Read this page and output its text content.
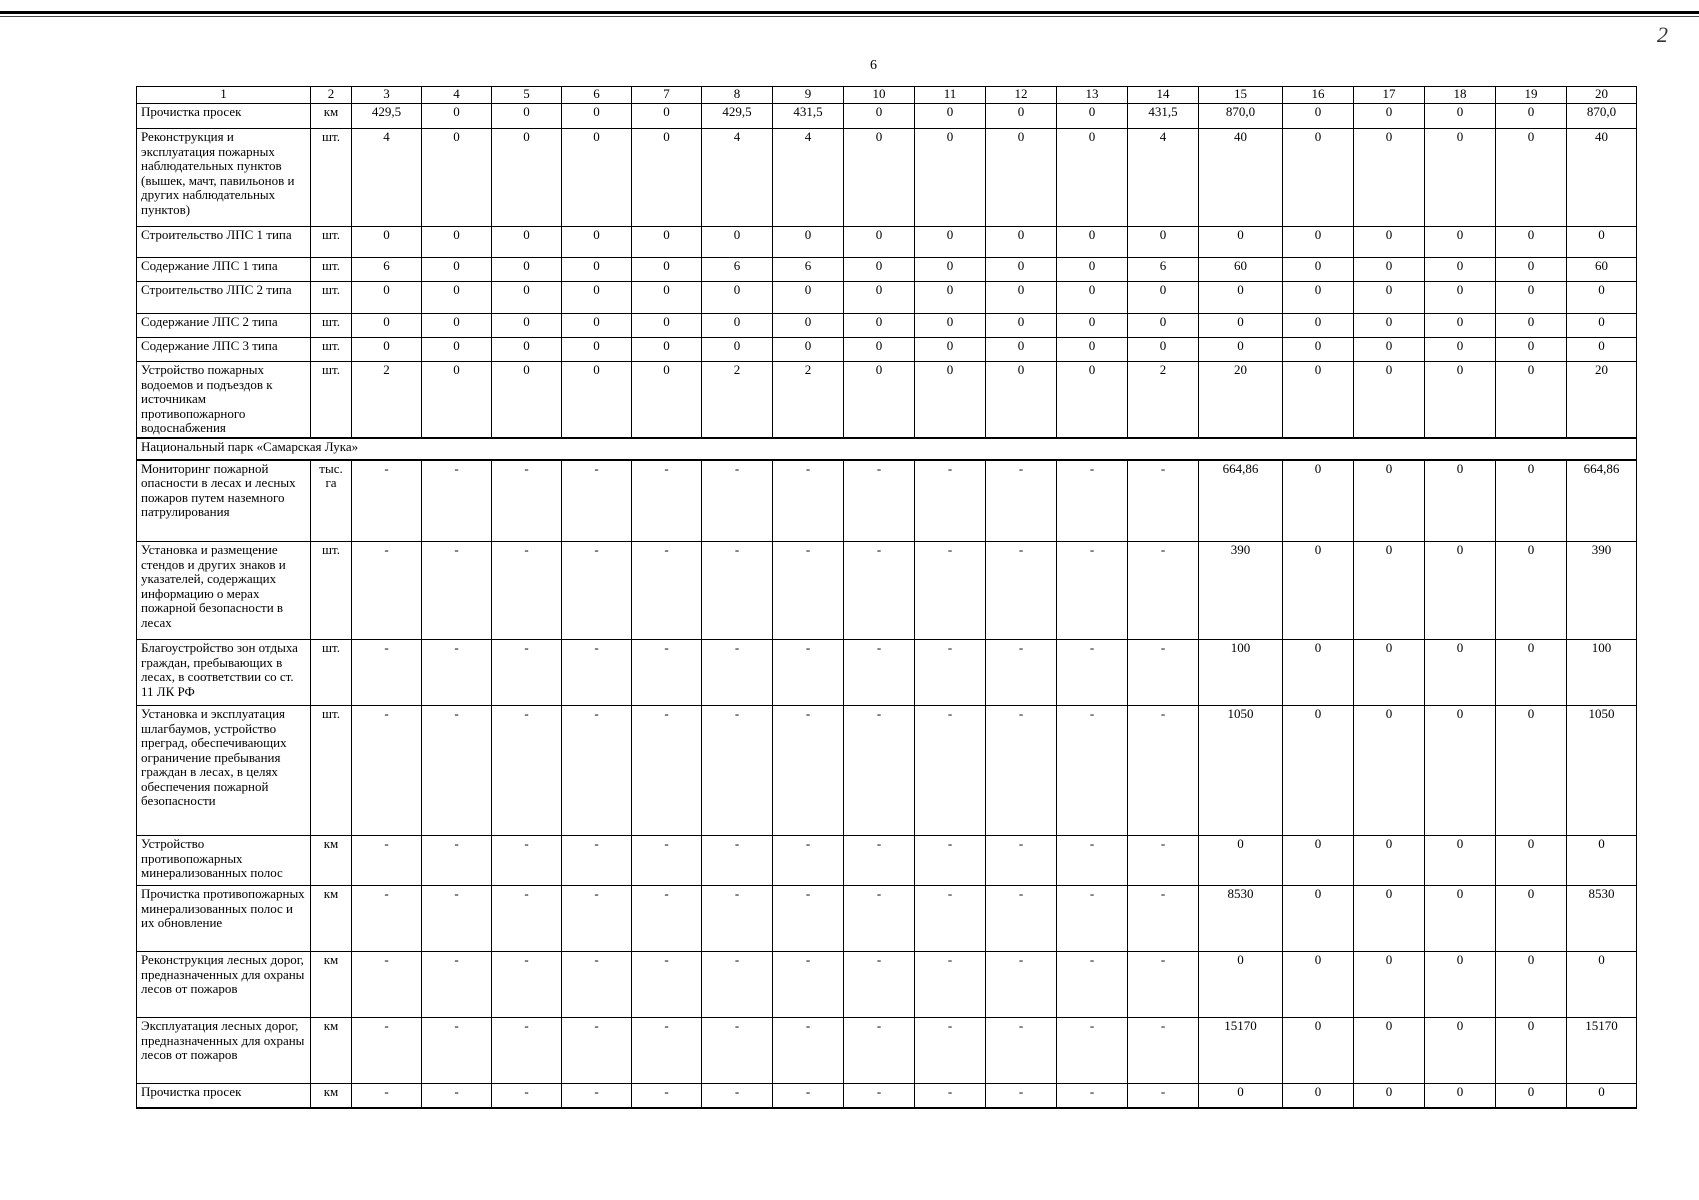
6
2
1	2	3	4	5	6	7	8	9	10	11	12	13	14	15	16	17	18	19	20
Прочистка просек	км	429,5	0	0	0	0	429,5	431,5	0	0	0	0	431,5	870,0	0	0	0	0	870,0
Реконструкция и эксплуатация пожарных наблюдательных пунктов (вышек, мачт, павильонов и других наблюдательных пунктов)	шт.	4	0	0	0	0	4	4	0	0	0	0	4	40	0	0	0	0	40
Строительство ЛПС 1 типа	шт.	0	0	0	0	0	0	0	0	0	0	0	0	0	0	0	0	0	0
Содержание ЛПС 1 типа	шт.	6	0	0	0	0	6	6	0	0	0	0	6	60	0	0	0	0	60
Строительство ЛПС 2 типа	шт.	0	0	0	0	0	0	0	0	0	0	0	0	0	0	0	0	0	0
Содержание ЛПС 2 типа	шт.	0	0	0	0	0	0	0	0	0	0	0	0	0	0	0	0	0	0
Содержание ЛПС 3 типа	шт.	0	0	0	0	0	0	0	0	0	0	0	0	0	0	0	0	0	0
Устройство пожарных водоемов и подъездов к источникам противопожарного водоснабжения	шт.	2	0	0	0	0	2	2	0	0	0	0	2	20	0	0	0	0	20
Национальный парк «Самарская Лука»																			
Мониторинг пожарной опасности в лесах и лесных пожаров путем наземного патрулирования	тыс. га	-	-	-	-	-	-	-	-	-	-	-	-	664,86	0	0	0	0	664,86
Установка и размещение стендов и других знаков и указателей, содержащих информацию о мерах пожарной безопасности в лесах	шт.	-	-	-	-	-	-	-	-	-	-	-	-	390	0	0	0	0	390
Благоустройство зон отдыха граждан, пребывающих в лесах, в соответствии со ст. 11 ЛК РФ	шт.	-	-	-	-	-	-	-	-	-	-	-	-	100	0	0	0	0	100
Установка и эксплуатация шлагбаумов, устройство преград, обеспечивающих ограничение пребывания граждан в лесах, в целях обеспечения пожарной безопасности	шт.	-	-	-	-	-	-	-	-	-	-	-	-	1050	0	0	0	0	1050
Устройство противопожарных минерализованных полос	км	-	-	-	-	-	-	-	-	-	-	-	-	0	0	0	0	0	0
Прочистка противопожарных минерализованных полос и их обновление	км	-	-	-	-	-	-	-	-	-	-	-	-	8530	0	0	0	0	8530
Реконструкция лесных дорог, предназначенных для охраны лесов от пожаров	км	-	-	-	-	-	-	-	-	-	-	-	-	0	0	0	0	0	0
Эксплуатация лесных дорог, предназначенных для охраны лесов от пожаров	км	-	-	-	-	-	-	-	-	-	-	-	-	15170	0	0	0	0	15170
Прочистка просек	км	-	-	-	-	-	-	-	-	-	-	-	-	0	0	0	0	0	0
